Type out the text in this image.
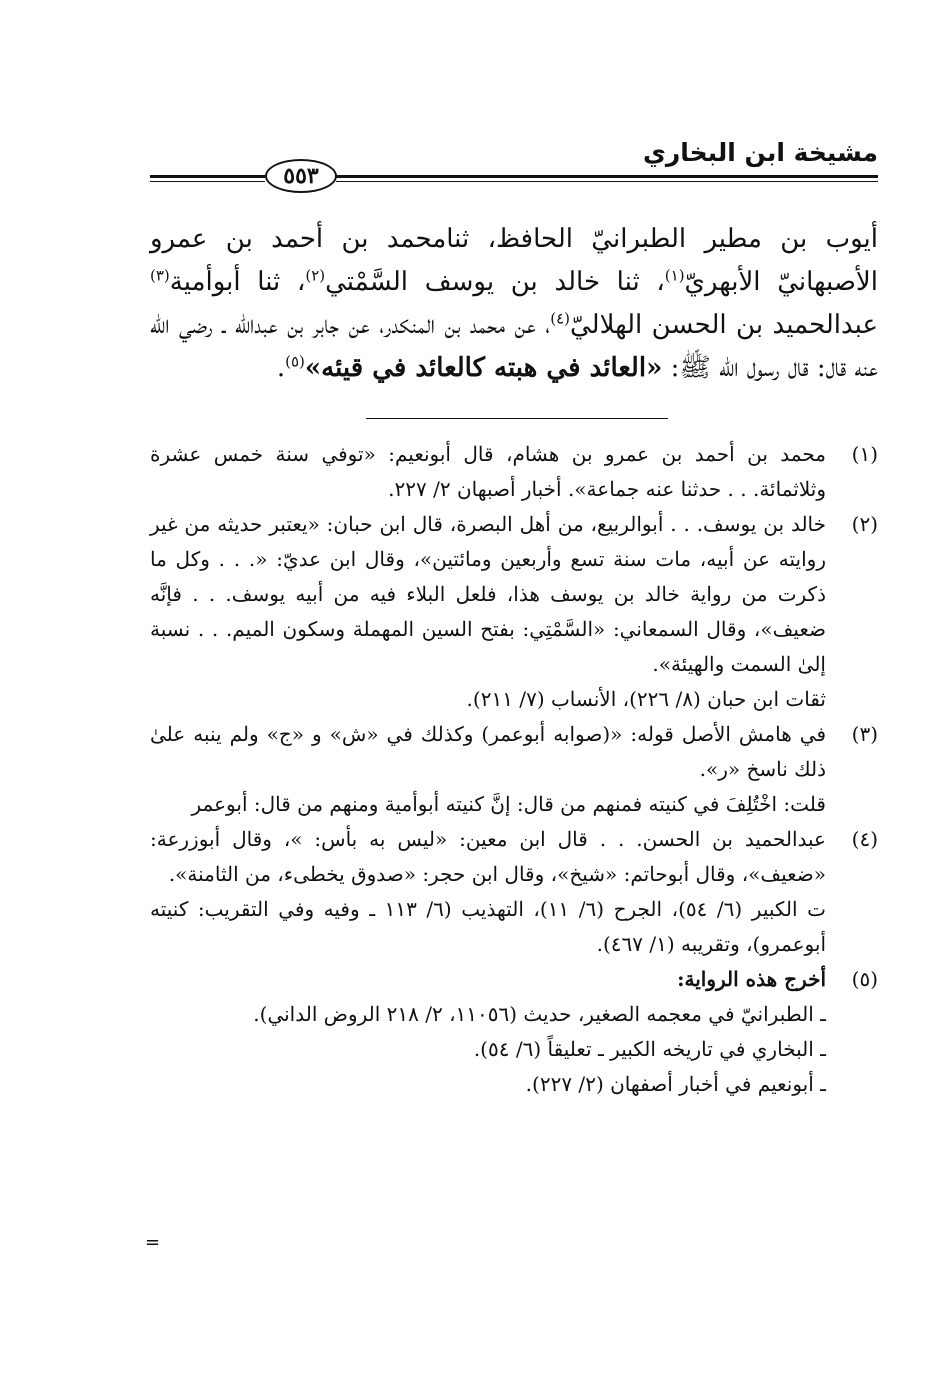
مشيخة ابن البخاري
٥٥٣

أيوب بن مطير الطبرانيّ الحافظ، ثنامحمد بن أحمد بن عمرو الأصبهانيّ الأبهريّ$^{(١)}$، ثنا خالد بن يوسف السَّمْتي$^{(٢)}$، ثنا أبوأمية$^{(٣)}$ عبدالحميد بن الحسن الهلاليّ$^{(٤)}$، عن محمد بن المنكدر، عن جابر بن عبدالله ـ رضي الله عنه قال: قال رسول الله ﷺ: «العائد في هبته كالعائد في قيئه»$^{(٥)}$.

(١)

محمد بن أحمد بن عمرو بن هشام، قال أبونعيم: «توفي سنة خمس عشرة وثلاثمائة. . . حدثنا عنه جماعة». أخبار أصبهان ٢/ ٢٢٧.

(٢)

خالد بن يوسف. . . أبوالربيع، من أهل البصرة، قال ابن حبان: «يعتبر حديثه من غير روايته عن أبيه، مات سنة تسع وأربعين ومائتين»، وقال ابن عديّ: «. . . وكل ما ذكرت من رواية خالد بن يوسف هذا، فلعل البلاء فيه من أبيه يوسف. . . فإنَّه ضعيف»، وقال السمعاني: «السَّمْتِي: بفتح السين المهملة وسكون الميم. . . نسبة إلىٰ السمت والهيئة».

ثقات ابن حبان (٨/ ٢٢٦)، الأنساب (٧/ ٢١١).

(٣)

في هامش الأصل قوله: «(صوابه أبوعمر) وكذلك في «ش» و «ج» ولم ينبه علىٰ ذلك ناسخ «ر».

قلت: اخْتُلِفَ في كنيته فمنهم من قال: إنَّ كنيته أبوأمية ومنهم من قال: أبوعمر

(٤)

عبدالحميد بن الحسن. . . قال ابن معين: «ليس به بأس: »، وقال أبوزرعة: «ضعيف»، وقال أبوحاتم: «شيخ»، وقال ابن حجر: «صدوق يخطىء، من الثامنة».

ت الكبير (٦/ ٥٤)، الجرح (٦/ ١١)، التهذيب (٦/ ١١٣ ـ وفيه وفي التقريب: كنيته أبوعمرو)، وتقريبه (١/ ٤٦٧).

(٥)

أخرج هذه الرواية:

ـ الطبرانيّ في معجمه الصغير، حديث (١١٠٥٦، ٢/ ٢١٨ الروض الداني).

ـ البخاري في تاريخه الكبير ـ تعليقاً (٦/ ٥٤).

ـ أبونعيم في أخبار أصفهان (٢/ ٢٢٧).

=
